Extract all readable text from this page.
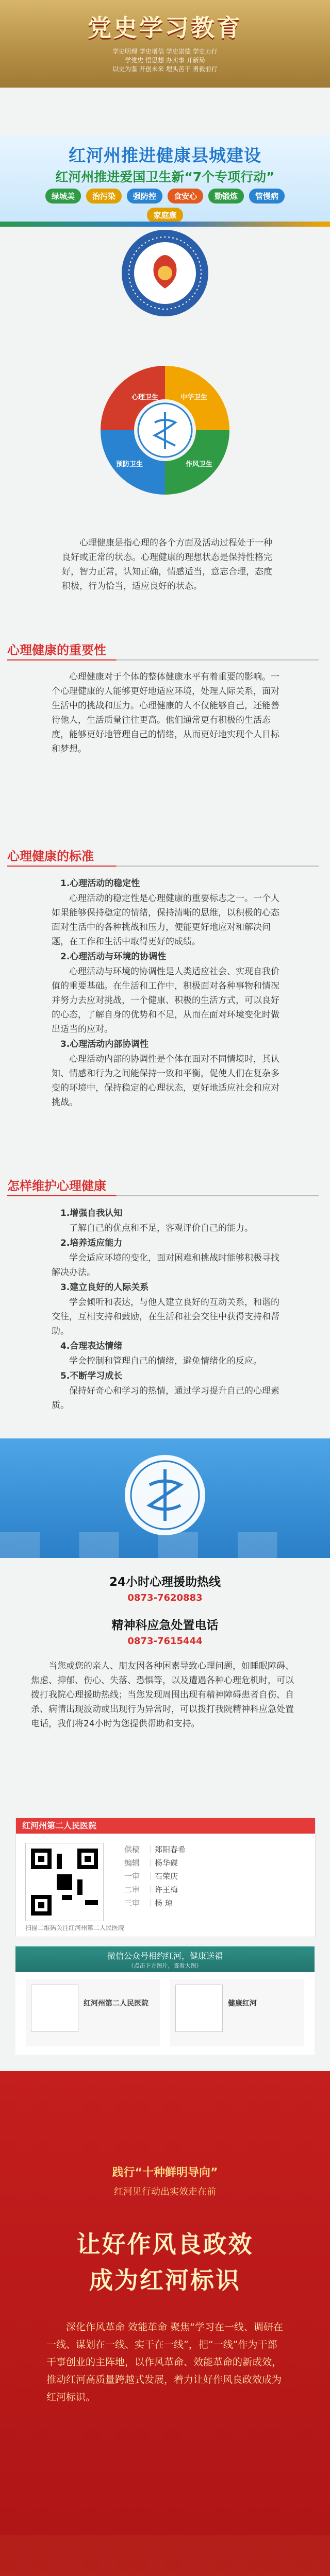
党史学习教育
学史明理 学史增信 学史崇德 学史力行
学党史 悟思想 办实事 开新局
以史为鉴 开创未来 埋头苦干 勇毅前行
红河州推进健康县城建设
红河州推进爱国卫生新“7个专项行动”
绿城美	治污染	强防控	食安心	勤锻炼	管慢病
家庭康
心理卫生	中华卫生
预防卫生	作风卫生

心理健康是指心理的各个方面及活动过程处于一种良好或正常的状态。心理健康的理想状态是保持性格完好，智力正常，认知正确，情感适当，意志合理，态度积极，行为恰当，适应良好的状态。

心理健康的重要性

心理健康对于个体的整体健康水平有着重要的影响。一个心理健康的人能够更好地适应环境，处理人际关系，面对生活中的挑战和压力。心理健康的人不仅能够自己，还能善待他人，生活质量往往更高。他们通常更有积极的生活态度，能够更好地管理自己的情绪，从而更好地实现个人目标和梦想。

心理健康的标准

1.心理活动的稳定性

心理活动的稳定性是心理健康的重要标志之一。一个人如果能够保持稳定的情绪，保持清晰的思维，以积极的心态面对生活中的各种挑战和压力，便能更好地应对和解决问题，在工作和生活中取得更好的成绩。

2.心理活动与环境的协调性

心理活动与环境的协调性是人类适应社会、实现自我价值的重要基础。在生活和工作中，积极面对各种事物和情况并努力去应对挑战，一个健康、积极的生活方式，可以良好的心态，了解自身的优势和不足，从而在面对环境变化时做出适当的应对。

3.心理活动内部协调性

心理活动内部的协调性是个体在面对不同情境时，其认知、情感和行为之间能保持一致和平衡，促使人们在复杂多变的环境中，保持稳定的心理状态，更好地适应社会和应对挑战。

怎样维护心理健康

1.增强自我认知

了解自己的优点和不足，客观评价自己的能力。

2.培养适应能力

学会适应环境的变化，面对困难和挑战时能够积极寻找解决办法。

3.建立良好的人际关系

学会倾听和表达，与他人建立良好的互动关系，和谐的交往，互相支持和鼓励，在生活和社会交往中获得支持和帮助。

4.合理表达情绪

学会控制和管理自己的情绪，避免情绪化的反应。

5.不断学习成长

保持好奇心和学习的热情，通过学习提升自己的心理素质。

24小时心理援助热线

0873-7620883

精神科应急处置电话

0873-7615444

当您或您的亲人、朋友因各种困素导致心理问题，如睡眠障碍、焦虑、抑郁、伤心、失落、恐惧等，以及遭遇各种心理危机时，可以拨打我院心理援助热线；当您发现周围出现有精神障碍患者自伤、自杀、病情出现波动或出现行为异常时，可以拨打我院精神科应急处置电话，我们将24小时为您提供帮助和支持。

红河州第二人民医院
供稿 ｜郑阳春希
编辑 ｜杨华碟
一审 ｜石荣庆
二审 ｜许王梅
三审 ｜杨 琼
扫描二维码关注红河州第二人民医院
微信公众号相约红河，健康送福
（点击下方图片，查看大图）
红河州第二人民医院	健康红河
践行“十种鲜明导向”
红河见行动出实效走在前
让好作风良政效
成为红河标识
深化作风革命 效能革命 聚焦“学习在一线、调研在一线、谋划在一线、实干在一线”，把“一线”作为干部干事创业的主阵地，以作风革命、效能革命的新成效，推动红河高质量跨越式发展，着力让好作风良政效成为红河标识。
